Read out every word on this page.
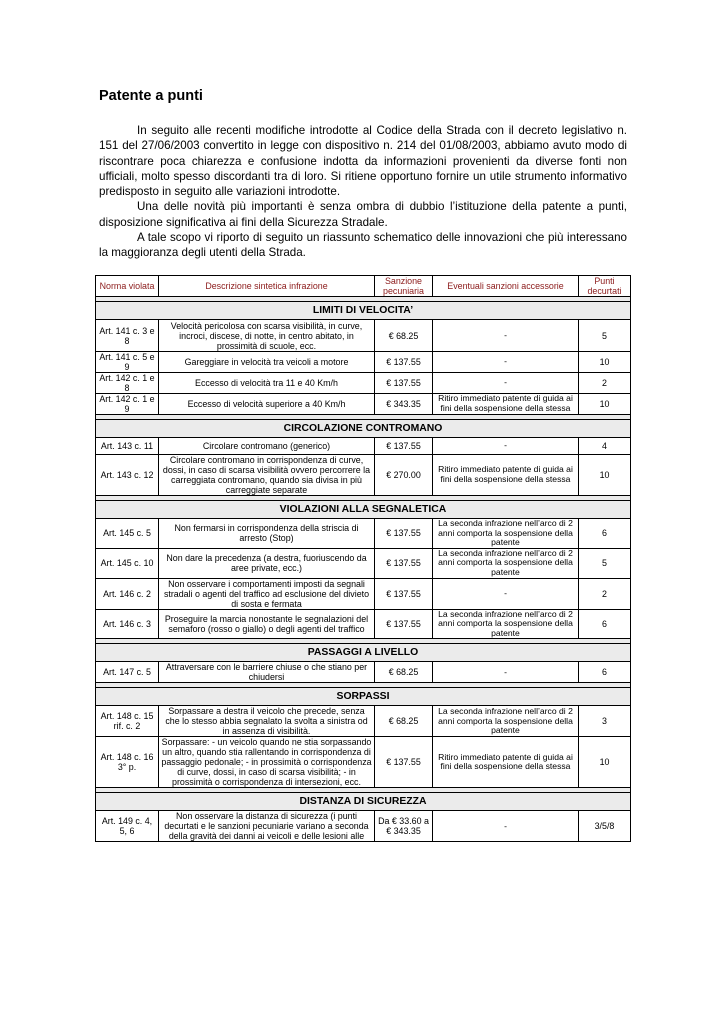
Patente a punti

In seguito alle recenti modifiche introdotte al Codice della Strada con il decreto legislativo n. 151 del 27/06/2003 convertito in legge con dispositivo n. 214 del 01/08/2003, abbiamo avuto modo di riscontrare poca chiarezza e confusione indotta da informazioni provenienti da diverse fonti non ufficiali, molto spesso discordanti tra di loro. Si ritiene opportuno fornire un utile strumento informativo predisposto in seguito alle variazioni introdotte.

Una delle novità più importanti è senza ombra di dubbio l’istituzione della patente a punti, disposizione significativa ai fini della Sicurezza Stradale.

A tale scopo vi riporto di seguito un riassunto schematico delle innovazioni che più interessano la maggioranza degli utenti della Strada.

Norma violata	Descrizione sintetica infrazione	Sanzione pecuniaria	Eventuali sanzioni accessorie	Punti decurtati

LIMITI DI VELOCITA’				
Art. 141 c. 3 e 8	Velocità pericolosa con scarsa visibilità, in curve, incroci, discese, di notte, in centro abitato, in prossimità di scuole, ecc.	€ 68.25	-	5
Art. 141 c. 5 e 9	Gareggiare in velocità tra veicoli a motore	€ 137.55	-	10
Art. 142 c. 1 e 8	Eccesso di velocità tra 11 e 40 Km/h	€ 137.55	-	2
Art. 142 c. 1 e 9	Eccesso di velocità superiore a 40 Km/h	€ 343.35	Ritiro immediato patente di guida ai fini della sospensione della stessa	10

CIRCOLAZIONE CONTROMANO				
Art. 143 c. 11	Circolare contromano (generico)	€ 137.55	-	4
Art. 143 c. 12	Circolare contromano in corrispondenza di curve, dossi, in caso di scarsa visibilità ovvero percorrere la carreggiata contromano, quando sia divisa in più carreggiate separate	€ 270.00	Ritiro immediato patente di guida ai fini della sospensione della stessa	10

VIOLAZIONI ALLA SEGNALETICA				
Art. 145 c. 5	Non fermarsi in corrispondenza della striscia di arresto (Stop)	€ 137.55	La seconda infrazione nell’arco di 2 anni comporta la sospensione della patente	6
Art. 145 c. 10	Non dare la precedenza (a destra, fuoriuscendo da aree private, ecc.)	€ 137.55	La seconda infrazione nell’arco di 2 anni comporta la sospensione della patente	5
Art. 146 c. 2	Non osservare i comportamenti imposti da segnali stradali o agenti del traffico ad esclusione del divieto di sosta e fermata	€ 137.55	-	2
Art. 146 c. 3	Proseguire la marcia nonostante le segnalazioni del semaforo (rosso o giallo) o degli agenti del traffico	€ 137.55	La seconda infrazione nell’arco di 2 anni comporta la sospensione della patente	6

PASSAGGI A LIVELLO				
Art. 147 c. 5	Attraversare con le barriere chiuse o che stiano per chiudersi	€ 68.25	-	6

SORPASSI				
Art. 148 c. 15 rif. c. 2	Sorpassare a destra il veicolo che precede, senza che lo stesso abbia segnalato la svolta a sinistra od in assenza di visibilità.	€ 68.25	La seconda infrazione nell’arco di 2 anni comporta la sospensione della patente	3
Art. 148 c. 16 3° p.	Sorpassare: - un veicolo quando ne stia sorpassando un altro, quando stia rallentando in corrispondenza di passaggio pedonale; - in prossimità o corrispondenza di curve, dossi, in caso di scarsa visibilità; - in prossimità o corrispondenza di intersezioni, ecc.	€ 137.55	Ritiro immediato patente di guida ai fini della sospensione della stessa	10

DISTANZA DI SICUREZZA				
Art. 149 c. 4, 5, 6	Non osservare la distanza di sicurezza (i punti decurtati e le sanzioni pecuniarie variano a seconda della gravità dei danni ai veicoli e delle lesioni alle	Da € 33.60 a € 343.35	-	3/5/8
